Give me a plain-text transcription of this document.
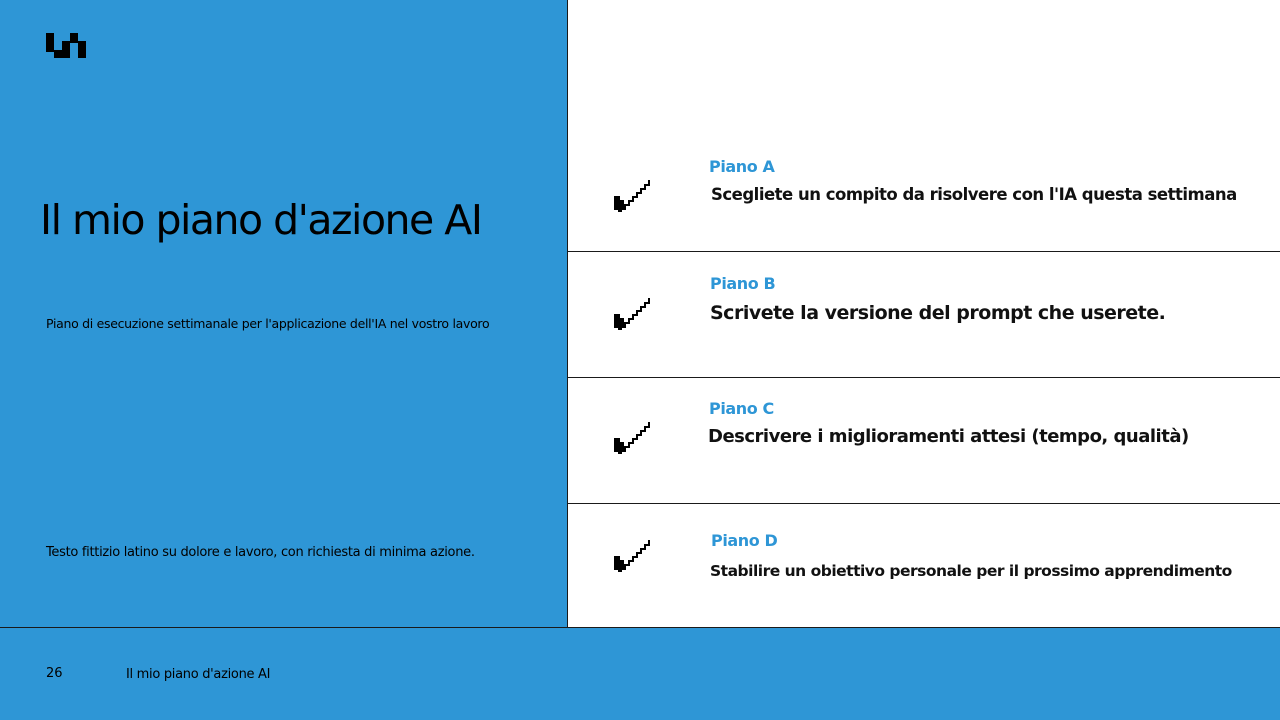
Il mio piano d'azione AI
Piano di esecuzione settimanale per l'applicazione dell'IA nel vostro lavoro
Testo fittizio latino su dolore e lavoro, con richiesta di minima azione.
Piano A
Scegliete un compito da risolvere con l'IA questa settimana
Piano B
Scrivete la versione del prompt che userete.
Piano C
Descrivere i miglioramenti attesi (tempo, qualità)
Piano D
Stabilire un obiettivo personale per il prossimo apprendimento
26	Il mio piano d'azione AI
